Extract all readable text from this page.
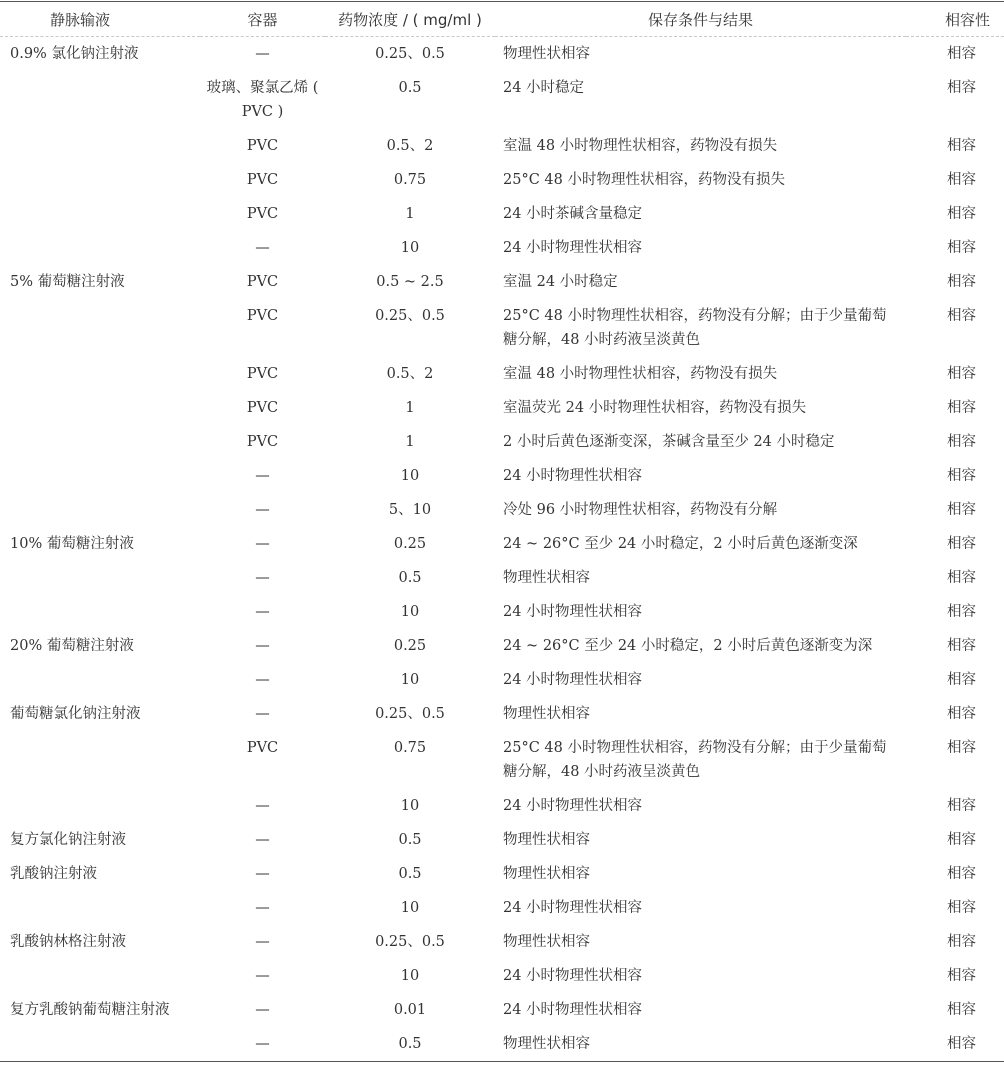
静脉输液	容器	药物浓度 / ( mg/ml )	保存条件与结果	相容性
0.9% 氯化钠注射液	—	0.25、0.5	物理性状相容	相容
	玻璃、聚氯乙烯 ( PVC )	0.5	24 小时稳定	相容
	PVC	0.5、2	室温 48 小时物理性状相容，药物没有损失	相容
	PVC	0.75	25°C 48 小时物理性状相容，药物没有损失	相容
	PVC	1	24 小时茶碱含量稳定	相容
	—	10	24 小时物理性状相容	相容
5% 葡萄糖注射液	PVC	0.5 ~ 2.5	室温 24 小时稳定	相容
	PVC	0.25、0.5	25°C 48 小时物理性状相容，药物没有分解；由于少量葡萄糖分解，48 小时药液呈淡黄色	相容
	PVC	0.5、2	室温 48 小时物理性状相容，药物没有损失	相容
	PVC	1	室温荧光 24 小时物理性状相容，药物没有损失	相容
	PVC	1	2 小时后黄色逐渐变深，茶碱含量至少 24 小时稳定	相容
	—	10	24 小时物理性状相容	相容
	—	5、10	冷处 96 小时物理性状相容，药物没有分解	相容
10% 葡萄糖注射液	—	0.25	24 ~ 26°C 至少 24 小时稳定，2 小时后黄色逐渐变深	相容
	—	0.5	物理性状相容	相容
	—	10	24 小时物理性状相容	相容
20% 葡萄糖注射液	—	0.25	24 ~ 26°C 至少 24 小时稳定，2 小时后黄色逐渐变为深	相容
	—	10	24 小时物理性状相容	相容
葡萄糖氯化钠注射液	—	0.25、0.5	物理性状相容	相容
	PVC	0.75	25°C 48 小时物理性状相容，药物没有分解；由于少量葡萄糖分解，48 小时药液呈淡黄色	相容
	—	10	24 小时物理性状相容	相容
复方氯化钠注射液	—	0.5	物理性状相容	相容
乳酸钠注射液	—	0.5	物理性状相容	相容
	—	10	24 小时物理性状相容	相容
乳酸钠林格注射液	—	0.25、0.5	物理性状相容	相容
	—	10	24 小时物理性状相容	相容
复方乳酸钠葡萄糖注射液	—	0.01	24 小时物理性状相容	相容
	—	0.5	物理性状相容	相容
